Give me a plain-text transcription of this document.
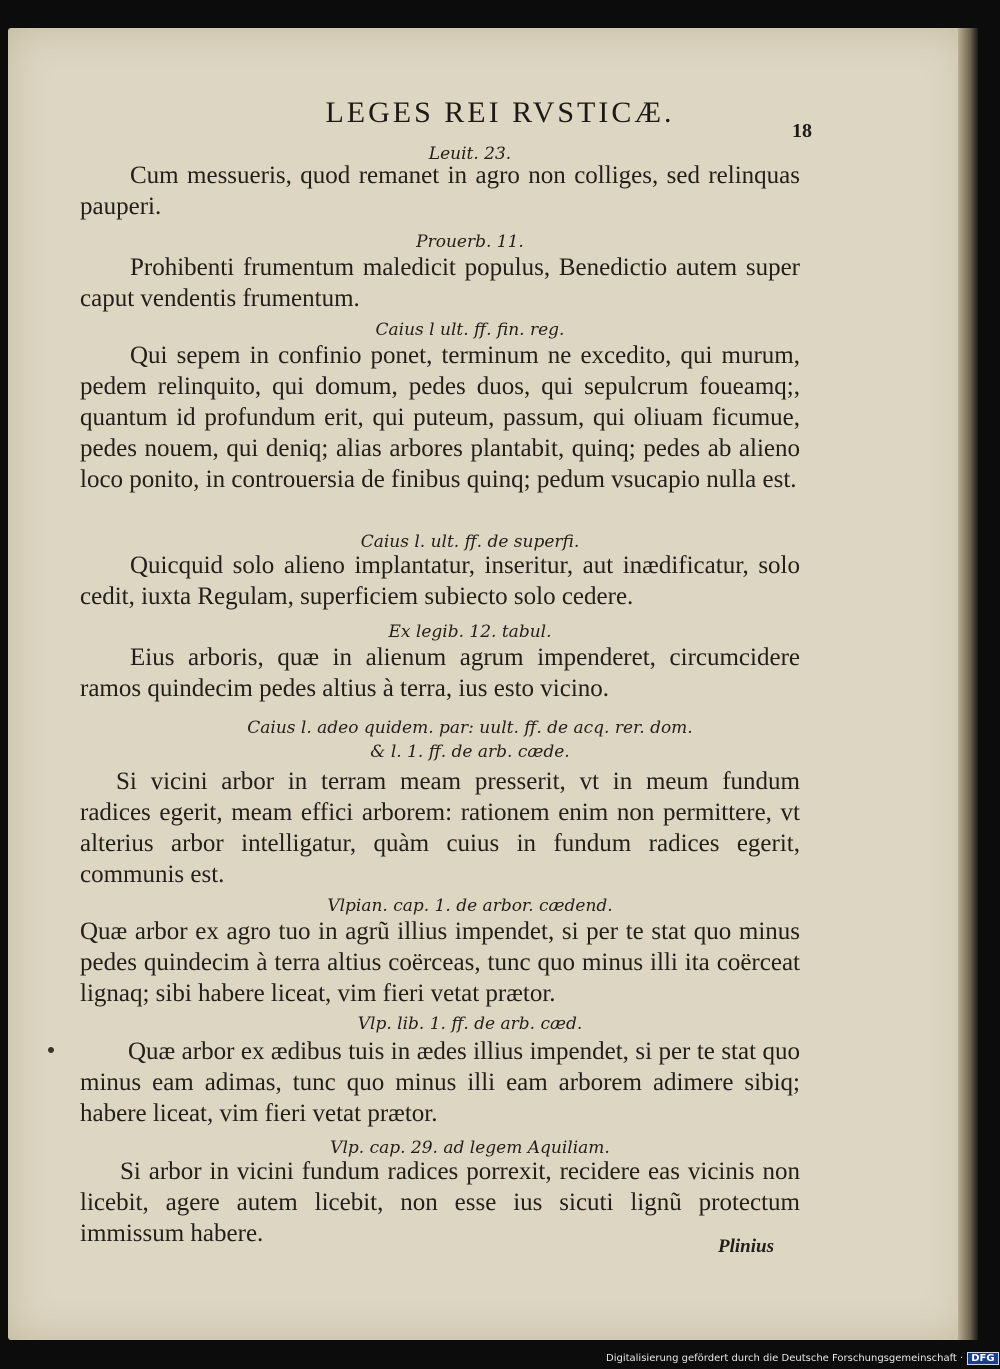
LEGES REI RVSTICÆ.
18
Leuit. 23.
Cum messueris, quod remanet in agro non colliges, sed relinquas pauperi.
Prouerb. 11.
Prohibenti frumentum maledicit populus, Benedictio autem super caput vendentis frumentum.
Caius l ult. ff. fin. reg.
Qui sepem in confinio ponet, terminum ne excedito, qui murum, pedem relinquito, qui domum, pedes duos, qui sepulcrum foueamq;, quantum id profundum erit, qui puteum, passum, qui oliuam ficumue, pedes nouem, qui deniq; alias arbores plantabit, quinq; pedes ab alieno loco ponito, in controuersia de finibus quinq; pedum vsucapio nulla est.
Caius l. ult. ff. de superfi.
Quicquid solo alieno implantatur, inseritur, aut inædificatur, solo cedit, iuxta Regulam, superficiem subiecto solo cedere.
Ex legib. 12. tabul.
Eius arboris, quæ in alienum agrum impenderet, circumcidere ramos quindecim pedes altius à terra, ius esto vicino.
Caius l. adeo quidem. par: uult. ff. de acq. rer. dom.
& l. 1. ff. de arb. cæde.
Si vicini arbor in terram meam presserit, vt in meum fundum radices egerit, meam effici arborem: rationem enim non permittere, vt alterius arbor intelligatur, quàm cuius in fundum radices egerit, communis est.
Vlpian. cap. 1. de arbor. cædend.
Quæ arbor ex agro tuo in agrũ illius impendet, si per te stat quo minus pedes quindecim à terra altius coërceas, tunc quo minus illi ita coërceat lignaq; sibi habere liceat, vim fieri vetat prætor.
Vlp. lib. 1. ff. de arb. cæd.
Quæ arbor ex ædibus tuis in ædes illius impendet, si per te stat quo minus eam adimas, tunc quo minus illi eam arborem adimere sibiq; habere liceat, vim fieri vetat prætor.
Vlp. cap. 29. ad legem Aquiliam.
Si arbor in vicini fundum radices porrexit, recidere eas vicinis non licebit, agere autem licebit, non esse ius sicuti lignũ protectum immissum habere.	Plinius
Digitalisierung gefördert durch die Deutsche Forschungsgemeinschaft · DFG
